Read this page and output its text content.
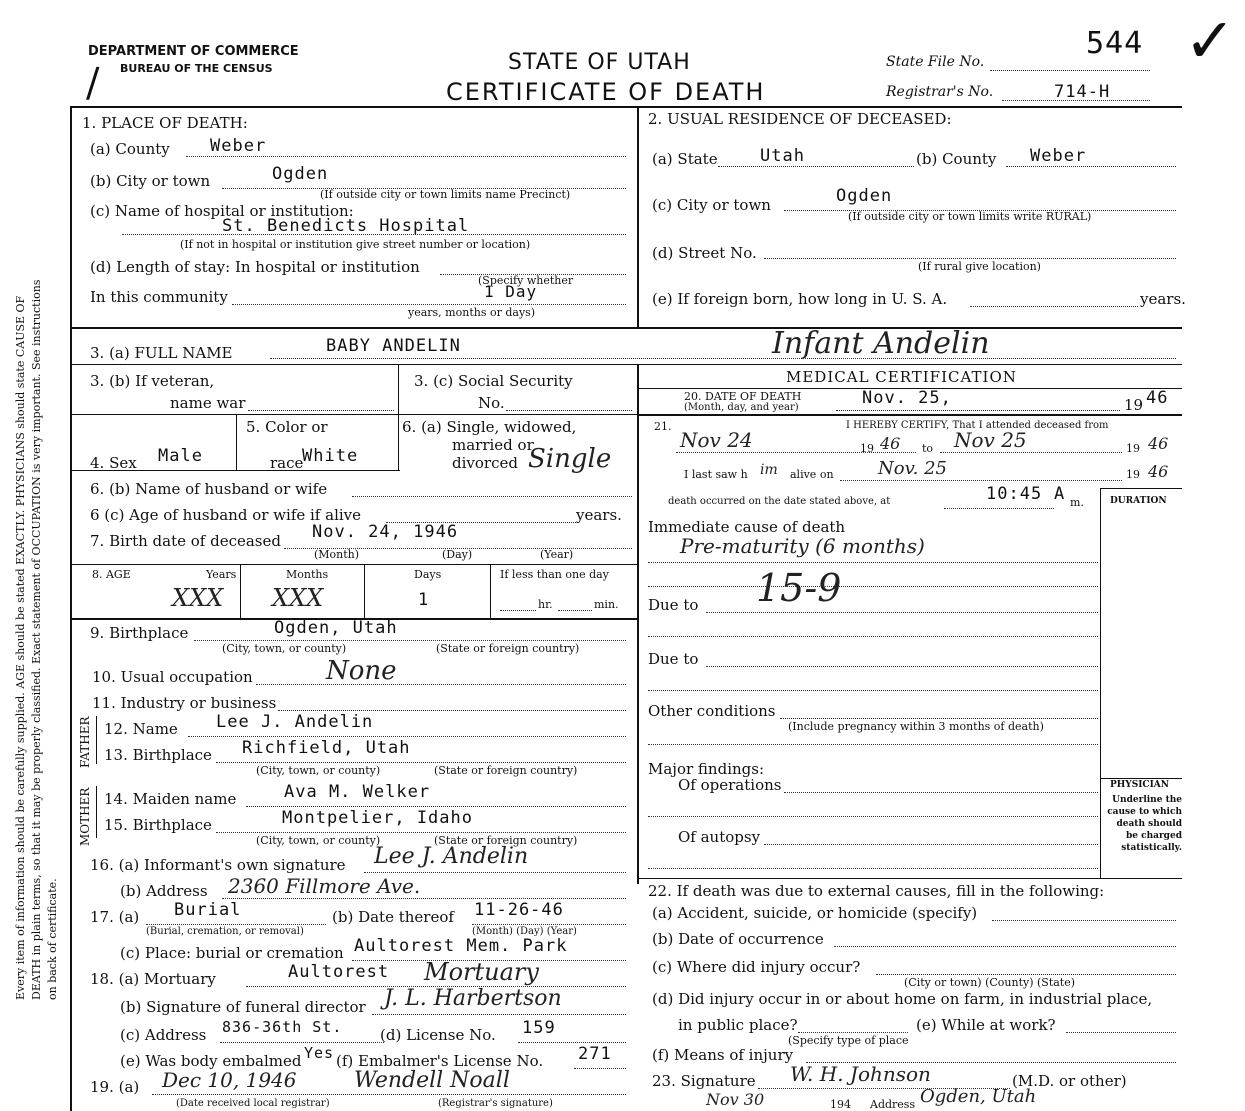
Every item of information should be carefully supplied. AGE should be stated EXACTLY. PHYSICIANS should state CAUSE OF DEATH in plain terms, so that it may be properly classified. Exact statement of OCCUPATION is very important. See instructions on back of certificate.
DEPARTMENT OF COMMERCE
BUREAU OF THE CENSUS
∕	STATE OF UTAH
CERTIFICATE OF DEATH
State File No.
544 ✓
Registrar's No.	714-H
1. PLACE OF DEATH:
(a) County Weber
(b) City or town	Ogden
(If outside city or town limits name Precinct)
(c) Name of hospital or institution:
St. Benedicts Hospital
(If not in hospital or institution give street number or location)
(d) Length of stay: In hospital or institution
(Specify whether
In this community	1 Day
years, months or days)
2. USUAL RESIDENCE OF DECEASED:
(a) State Utah	(b) County Weber
(c) City or town	Ogden
(If outside city or town limits write RURAL)
(d) Street No.
(If rural give location)
(e) If foreign born, how long in U. S. A.	years.
3. (a) FULL NAME	BABY ANDELIN	Infant Andelin
3. (b) If veteran,
name war
3. (c) Social Security
No.
MEDICAL CERTIFICATION
20. DATE OF DEATH
(Month, day, and year)	Nov. 25,	19 46
5. Color or	6. (a) Single, widowed,
married or
divorced Single
4. Sex Male	race
White
6. (b) Name of husband or wife
6 (c) Age of husband or wife if alive	years.
7. Birth date of deceased Nov. 24, 1946
(Month)	(Day)	(Year)
8. AGE	Years	Months	Days	If less than one day
XXX XXX	1	hr.	min.
9. Birthplace	Ogden, Utah
(City, town, or county)	(State or foreign country)
10. Usual occupation	None
11. Industry or business
FATHER
MOTHER
12. Name Lee J. Andelin
13. Birthplace Richfield, Utah
(City, town, or county)	(State or foreign country)
14. Maiden name	Ava M. Welker
15. Birthplace	Montpelier, Idaho
(City, town, or county)	(State or foreign country)
16. (a) Informant's own signature Lee J. Andelin
(b) Address 2360 Fillmore Ave.
17. (a) Burial
(Burial, cremation, or removal)
(b) Date thereof 11-26-46
(Month) (Day) (Year)
(c) Place: burial or cremation Aultorest Mem. Park
18. (a) Mortuary	Aultorest Mortuary
(b) Signature of funeral director J. L. Harbertson
(c) Address 836-36th St.	(d) License No. 159
(e) Was body embalmed Yes (f) Embalmer's License No. 271
19. (a) Dec 10, 1946	Wendell Noall
(Date received local registrar)	(Registrar's signature)
21.	I HEREBY CERTIFY, That I attended deceased from
Nov 24	19 46 to Nov 25	19 46
I last saw h im alive on Nov. 25	19 46
death occurred on the date stated above, at	10:45 A m.	DURATION
Immediate cause of death
Pre-maturity (6 months)
Due to 15-9
Due to
Other conditions
(Include pregnancy within 3 months of death)
Major findings:
Of operations
Of autopsy
PHYSICIAN
Underline the cause to which death should be charged statistically.
22. If death was due to external causes, fill in the following:
(a) Accident, suicide, or homicide (specify)
(b) Date of occurrence
(c) Where did injury occur?
(City or town) (County) (State)
(d) Did injury occur in or about home on farm, in industrial place,
in public place?
(Specify type of place
(e) While at work?
(f) Means of injury
23. Signature W. H. Johnson	(M.D. or other)
Nov 30	194 Address Ogden, Utah
